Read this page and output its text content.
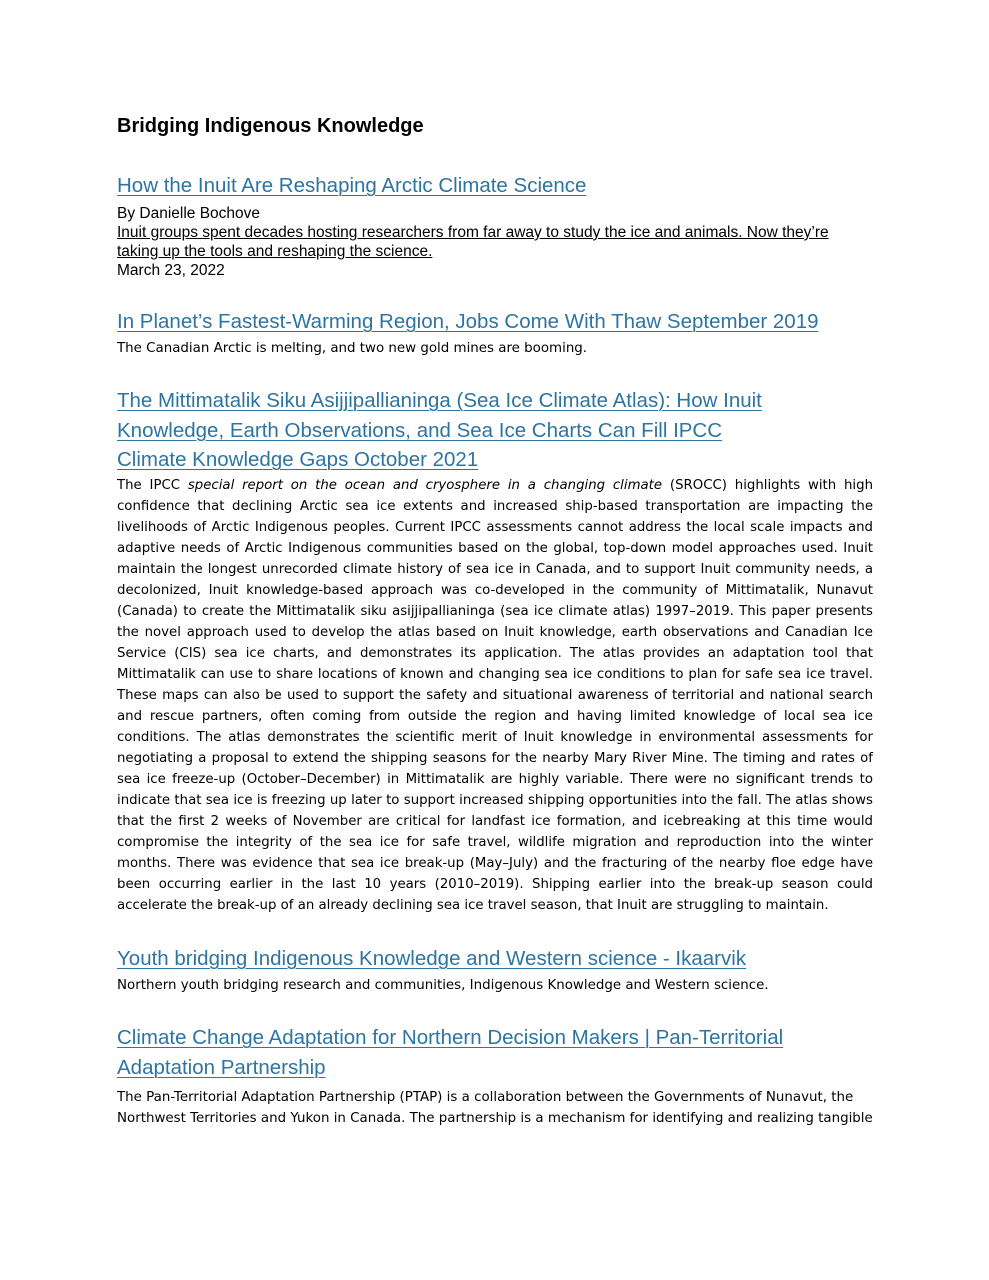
Bridging Indigenous Knowledge
How the Inuit Are Reshaping Arctic Climate Science
By Danielle Bochove
Inuit groups spent decades hosting researchers from far away to study the ice and animals. Now they’re taking up the tools and reshaping the science.
March 23, 2022
In Planet’s Fastest-Warming Region, Jobs Come With Thaw September 2019
The Canadian Arctic is melting, and two new gold mines are booming.
The Mittimatalik Siku Asijjipallianinga (Sea Ice Climate Atlas): How Inuit Knowledge, Earth Observations, and Sea Ice Charts Can Fill IPCC Climate Knowledge Gaps October 2021
The IPCC special report on the ocean and cryosphere in a changing climate (SROCC) highlights with high confidence that declining Arctic sea ice extents and increased ship-based transportation are impacting the livelihoods of Arctic Indigenous peoples. Current IPCC assessments cannot address the local scale impacts and adaptive needs of Arctic Indigenous communities based on the global, top-down model approaches used. Inuit maintain the longest unrecorded climate history of sea ice in Canada, and to support Inuit community needs, a decolonized, Inuit knowledge-based approach was co-developed in the community of Mittimatalik, Nunavut (Canada) to create the Mittimatalik siku asijjipallianinga (sea ice climate atlas) 1997–2019. This paper presents the novel approach used to develop the atlas based on Inuit knowledge, earth observations and Canadian Ice Service (CIS) sea ice charts, and demonstrates its application. The atlas provides an adaptation tool that Mittimatalik can use to share locations of known and changing sea ice conditions to plan for safe sea ice travel. These maps can also be used to support the safety and situational awareness of territorial and national search and rescue partners, often coming from outside the region and having limited knowledge of local sea ice conditions. The atlas demonstrates the scientific merit of Inuit knowledge in environmental assessments for negotiating a proposal to extend the shipping seasons for the nearby Mary River Mine. The timing and rates of sea ice freeze-up (October–December) in Mittimatalik are highly variable. There were no significant trends to indicate that sea ice is freezing up later to support increased shipping opportunities into the fall. The atlas shows that the first 2 weeks of November are critical for landfast ice formation, and icebreaking at this time would compromise the integrity of the sea ice for safe travel, wildlife migration and reproduction into the winter months. There was evidence that sea ice break-up (May–July) and the fracturing of the nearby floe edge have been occurring earlier in the last 10 years (2010–2019). Shipping earlier into the break-up season could accelerate the break-up of an already declining sea ice travel season, that Inuit are struggling to maintain.
Youth bridging Indigenous Knowledge and Western science - Ikaarvik
Northern youth bridging research and communities, Indigenous Knowledge and Western science.
Climate Change Adaptation for Northern Decision Makers | Pan-Territorial Adaptation Partnership
The Pan-Territorial Adaptation Partnership (PTAP) is a collaboration between the Governments of Nunavut, the Northwest Territories and Yukon in Canada. The partnership is a mechanism for identifying and realizing tangible
